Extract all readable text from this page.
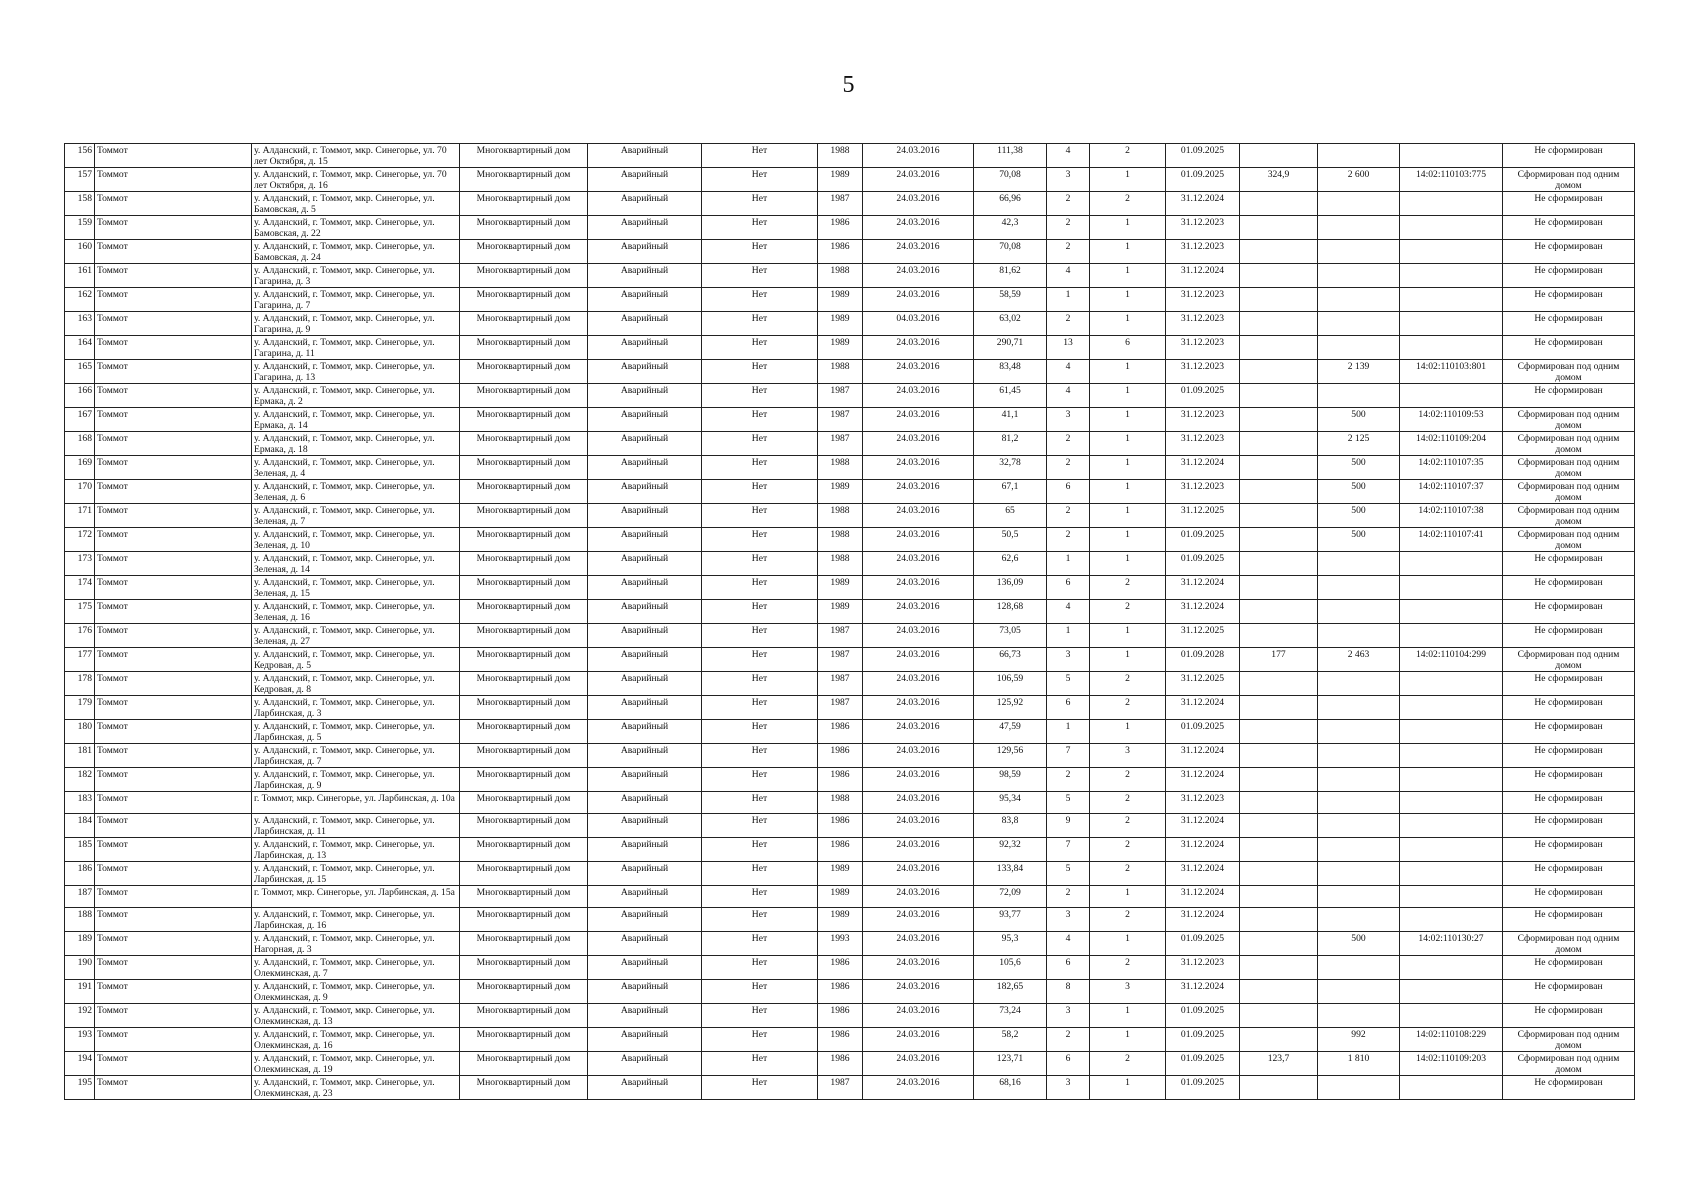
5
156	Томмот	у. Алданский, г. Томмот, мкр. Синегорье, ул. 70 лет Октября, д. 15	Многоквартирный дом	Аварийный	Нет	1988	24.03.2016	111,38	4	2	01.09.2025				Не сформирован
157	Томмот	у. Алданский, г. Томмот, мкр. Синегорье, ул. 70 лет Октября, д. 16	Многоквартирный дом	Аварийный	Нет	1989	24.03.2016	70,08	3	1	01.09.2025	324,9	2 600	14:02:110103:775	Сформирован под одним домом
158	Томмот	у. Алданский, г. Томмот, мкр. Синегорье, ул. Бамовская, д. 5	Многоквартирный дом	Аварийный	Нет	1987	24.03.2016	66,96	2	2	31.12.2024				Не сформирован
159	Томмот	у. Алданский, г. Томмот, мкр. Синегорье, ул. Бамовская, д. 22	Многоквартирный дом	Аварийный	Нет	1986	24.03.2016	42,3	2	1	31.12.2023				Не сформирован
160	Томмот	у. Алданский, г. Томмот, мкр. Синегорье, ул. Бамовская, д. 24	Многоквартирный дом	Аварийный	Нет	1986	24.03.2016	70,08	2	1	31.12.2023				Не сформирован
161	Томмот	у. Алданский, г. Томмот, мкр. Синегорье, ул. Гагарина, д. 3	Многоквартирный дом	Аварийный	Нет	1988	24.03.2016	81,62	4	1	31.12.2024				Не сформирован
162	Томмот	у. Алданский, г. Томмот, мкр. Синегорье, ул. Гагарина, д. 7	Многоквартирный дом	Аварийный	Нет	1989	24.03.2016	58,59	1	1	31.12.2023				Не сформирован
163	Томмот	у. Алданский, г. Томмот, мкр. Синегорье, ул. Гагарина, д. 9	Многоквартирный дом	Аварийный	Нет	1989	04.03.2016	63,02	2	1	31.12.2023				Не сформирован
164	Томмот	у. Алданский, г. Томмот, мкр. Синегорье, ул. Гагарина, д. 11	Многоквартирный дом	Аварийный	Нет	1989	24.03.2016	290,71	13	6	31.12.2023				Не сформирован
165	Томмот	у. Алданский, г. Томмот, мкр. Синегорье, ул. Гагарина, д. 13	Многоквартирный дом	Аварийный	Нет	1988	24.03.2016	83,48	4	1	31.12.2023		2 139	14:02:110103:801	Сформирован под одним домом
166	Томмот	у. Алданский, г. Томмот, мкр. Синегорье, ул. Ермака, д. 2	Многоквартирный дом	Аварийный	Нет	1987	24.03.2016	61,45	4	1	01.09.2025				Не сформирован
167	Томмот	у. Алданский, г. Томмот, мкр. Синегорье, ул. Ермака, д. 14	Многоквартирный дом	Аварийный	Нет	1987	24.03.2016	41,1	3	1	31.12.2023		500	14:02:110109:53	Сформирован под одним домом
168	Томмот	у. Алданский, г. Томмот, мкр. Синегорье, ул. Ермака, д. 18	Многоквартирный дом	Аварийный	Нет	1987	24.03.2016	81,2	2	1	31.12.2023		2 125	14:02:110109:204	Сформирован под одним домом
169	Томмот	у. Алданский, г. Томмот, мкр. Синегорье, ул. Зеленая, д. 4	Многоквартирный дом	Аварийный	Нет	1988	24.03.2016	32,78	2	1	31.12.2024		500	14:02:110107:35	Сформирован под одним домом
170	Томмот	у. Алданский, г. Томмот, мкр. Синегорье, ул. Зеленая, д. 6	Многоквартирный дом	Аварийный	Нет	1989	24.03.2016	67,1	6	1	31.12.2023		500	14:02:110107:37	Сформирован под одним домом
171	Томмот	у. Алданский, г. Томмот, мкр. Синегорье, ул. Зеленая, д. 7	Многоквартирный дом	Аварийный	Нет	1988	24.03.2016	65	2	1	31.12.2025		500	14:02:110107:38	Сформирован под одним домом
172	Томмот	у. Алданский, г. Томмот, мкр. Синегорье, ул. Зеленая, д. 10	Многоквартирный дом	Аварийный	Нет	1988	24.03.2016	50,5	2	1	01.09.2025		500	14:02:110107:41	Сформирован под одним домом
173	Томмот	у. Алданский, г. Томмот, мкр. Синегорье, ул. Зеленая, д. 14	Многоквартирный дом	Аварийный	Нет	1988	24.03.2016	62,6	1	1	01.09.2025				Не сформирован
174	Томмот	у. Алданский, г. Томмот, мкр. Синегорье, ул. Зеленая, д. 15	Многоквартирный дом	Аварийный	Нет	1989	24.03.2016	136,09	6	2	31.12.2024				Не сформирован
175	Томмот	у. Алданский, г. Томмот, мкр. Синегорье, ул. Зеленая, д. 16	Многоквартирный дом	Аварийный	Нет	1989	24.03.2016	128,68	4	2	31.12.2024				Не сформирован
176	Томмот	у. Алданский, г. Томмот, мкр. Синегорье, ул. Зеленая, д. 27	Многоквартирный дом	Аварийный	Нет	1987	24.03.2016	73,05	1	1	31.12.2025				Не сформирован
177	Томмот	у. Алданский, г. Томмот, мкр. Синегорье, ул. Кедровая, д. 5	Многоквартирный дом	Аварийный	Нет	1987	24.03.2016	66,73	3	1	01.09.2028	177	2 463	14:02:110104:299	Сформирован под одним домом
178	Томмот	у. Алданский, г. Томмот, мкр. Синегорье, ул. Кедровая, д. 8	Многоквартирный дом	Аварийный	Нет	1987	24.03.2016	106,59	5	2	31.12.2025				Не сформирован
179	Томмот	у. Алданский, г. Томмот, мкр. Синегорье, ул. Ларбинская, д. 3	Многоквартирный дом	Аварийный	Нет	1987	24.03.2016	125,92	6	2	31.12.2024				Не сформирован
180	Томмот	у. Алданский, г. Томмот, мкр. Синегорье, ул. Ларбинская, д. 5	Многоквартирный дом	Аварийный	Нет	1986	24.03.2016	47,59	1	1	01.09.2025				Не сформирован
181	Томмот	у. Алданский, г. Томмот, мкр. Синегорье, ул. Ларбинская, д. 7	Многоквартирный дом	Аварийный	Нет	1986	24.03.2016	129,56	7	3	31.12.2024				Не сформирован
182	Томмот	у. Алданский, г. Томмот, мкр. Синегорье, ул. Ларбинская, д. 9	Многоквартирный дом	Аварийный	Нет	1986	24.03.2016	98,59	2	2	31.12.2024				Не сформирован
183	Томмот	г. Томмот, мкр. Синегорье, ул. Ларбинская, д. 10а	Многоквартирный дом	Аварийный	Нет	1988	24.03.2016	95,34	5	2	31.12.2023				Не сформирован
184	Томмот	у. Алданский, г. Томмот, мкр. Синегорье, ул. Ларбинская, д. 11	Многоквартирный дом	Аварийный	Нет	1986	24.03.2016	83,8	9	2	31.12.2024				Не сформирован
185	Томмот	у. Алданский, г. Томмот, мкр. Синегорье, ул. Ларбинская, д. 13	Многоквартирный дом	Аварийный	Нет	1986	24.03.2016	92,32	7	2	31.12.2024				Не сформирован
186	Томмот	у. Алданский, г. Томмот, мкр. Синегорье, ул. Ларбинская, д. 15	Многоквартирный дом	Аварийный	Нет	1989	24.03.2016	133,84	5	2	31.12.2024				Не сформирован
187	Томмот	г. Томмот, мкр. Синегорье, ул. Ларбинская, д. 15а	Многоквартирный дом	Аварийный	Нет	1989	24.03.2016	72,09	2	1	31.12.2024				Не сформирован
188	Томмот	у. Алданский, г. Томмот, мкр. Синегорье, ул. Ларбинская, д. 16	Многоквартирный дом	Аварийный	Нет	1989	24.03.2016	93,77	3	2	31.12.2024				Не сформирован
189	Томмот	у. Алданский, г. Томмот, мкр. Синегорье, ул. Нагорная, д. 3	Многоквартирный дом	Аварийный	Нет	1993	24.03.2016	95,3	4	1	01.09.2025		500	14:02:110130:27	Сформирован под одним домом
190	Томмот	у. Алданский, г. Томмот, мкр. Синегорье, ул. Олекминская, д. 7	Многоквартирный дом	Аварийный	Нет	1986	24.03.2016	105,6	6	2	31.12.2023				Не сформирован
191	Томмот	у. Алданский, г. Томмот, мкр. Синегорье, ул. Олекминская, д. 9	Многоквартирный дом	Аварийный	Нет	1986	24.03.2016	182,65	8	3	31.12.2024				Не сформирован
192	Томмот	у. Алданский, г. Томмот, мкр. Синегорье, ул. Олекминская, д. 13	Многоквартирный дом	Аварийный	Нет	1986	24.03.2016	73,24	3	1	01.09.2025				Не сформирован
193	Томмот	у. Алданский, г. Томмот, мкр. Синегорье, ул. Олекминская, д. 16	Многоквартирный дом	Аварийный	Нет	1986	24.03.2016	58,2	2	1	01.09.2025		992	14:02:110108:229	Сформирован под одним домом
194	Томмот	у. Алданский, г. Томмот, мкр. Синегорье, ул. Олекминская, д. 19	Многоквартирный дом	Аварийный	Нет	1986	24.03.2016	123,71	6	2	01.09.2025	123,7	1 810	14:02:110109:203	Сформирован под одним домом
195	Томмот	у. Алданский, г. Томмот, мкр. Синегорье, ул. Олекминская, д. 23	Многоквартирный дом	Аварийный	Нет	1987	24.03.2016	68,16	3	1	01.09.2025				Не сформирован
